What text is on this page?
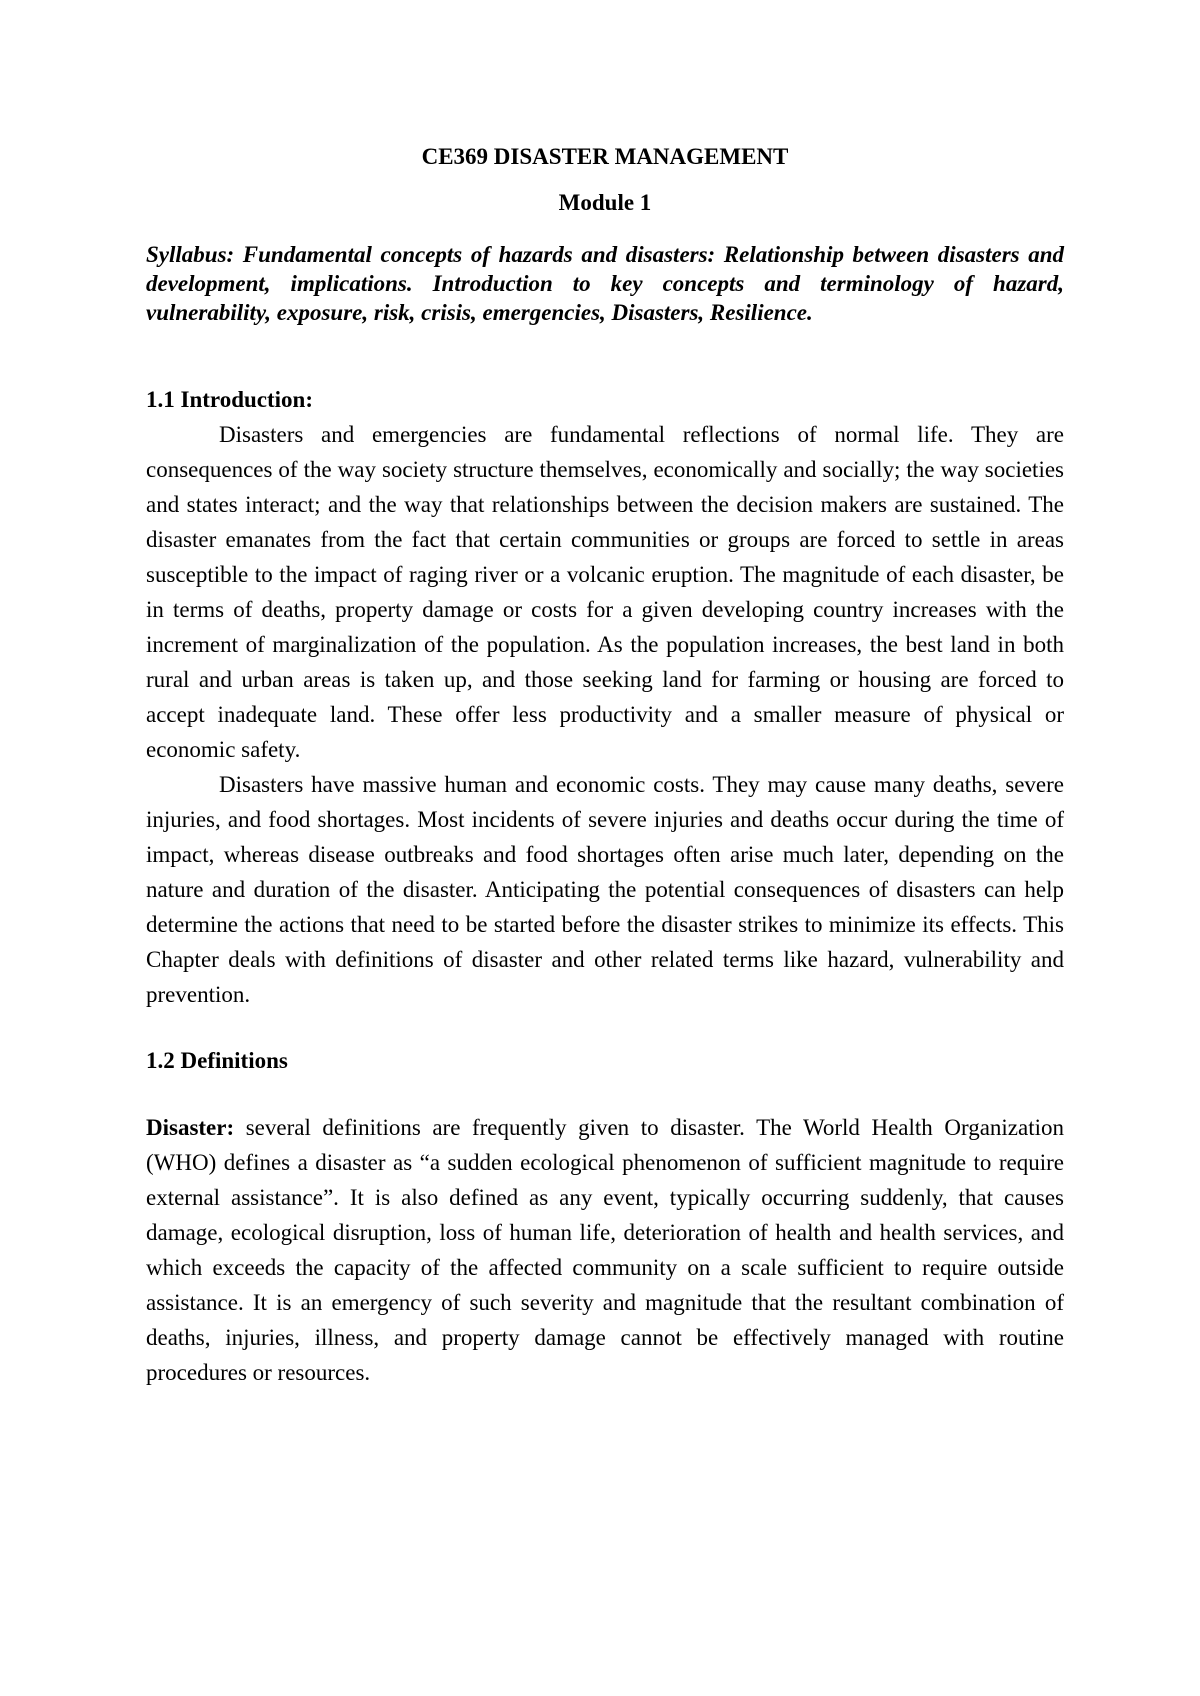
CE369 DISASTER MANAGEMENT
Module 1

Syllabus: Fundamental concepts of hazards and disasters: Relationship between disasters and development, implications. Introduction to key concepts and terminology of hazard, vulnerability, exposure, risk, crisis, emergencies, Disasters, Resilience.

1.1 Introduction:

Disasters and emergencies are fundamental reflections of normal life. They are consequences of the way society structure themselves, economically and socially; the way societies and states interact; and the way that relationships between the decision makers are sustained. The disaster emanates from the fact that certain communities or groups are forced to settle in areas susceptible to the impact of raging river or a volcanic eruption. The magnitude of each disaster, be in terms of deaths, property damage or costs for a given developing country increases with the increment of marginalization of the population. As the population increases, the best land in both rural and urban areas is taken up, and those seeking land for farming or housing are forced to accept inadequate land. These offer less productivity and a smaller measure of physical or economic safety.

Disasters have massive human and economic costs. They may cause many deaths, severe injuries, and food shortages. Most incidents of severe injuries and deaths occur during the time of impact, whereas disease outbreaks and food shortages often arise much later, depending on the nature and duration of the disaster. Anticipating the potential consequences of disasters can help determine the actions that need to be started before the disaster strikes to minimize its effects. This Chapter deals with definitions of disaster and other related terms like hazard, vulnerability and prevention.

1.2 Definitions

Disaster: several definitions are frequently given to disaster. The World Health Organization (WHO) defines a disaster as “a sudden ecological phenomenon of sufficient magnitude to require external assistance”. It is also defined as any event, typically occurring suddenly, that causes damage, ecological disruption, loss of human life, deterioration of health and health services, and which exceeds the capacity of the affected community on a scale sufficient to require outside assistance. It is an emergency of such severity and magnitude that the resultant combination of deaths, injuries, illness, and property damage cannot be effectively managed with routine procedures or resources.
